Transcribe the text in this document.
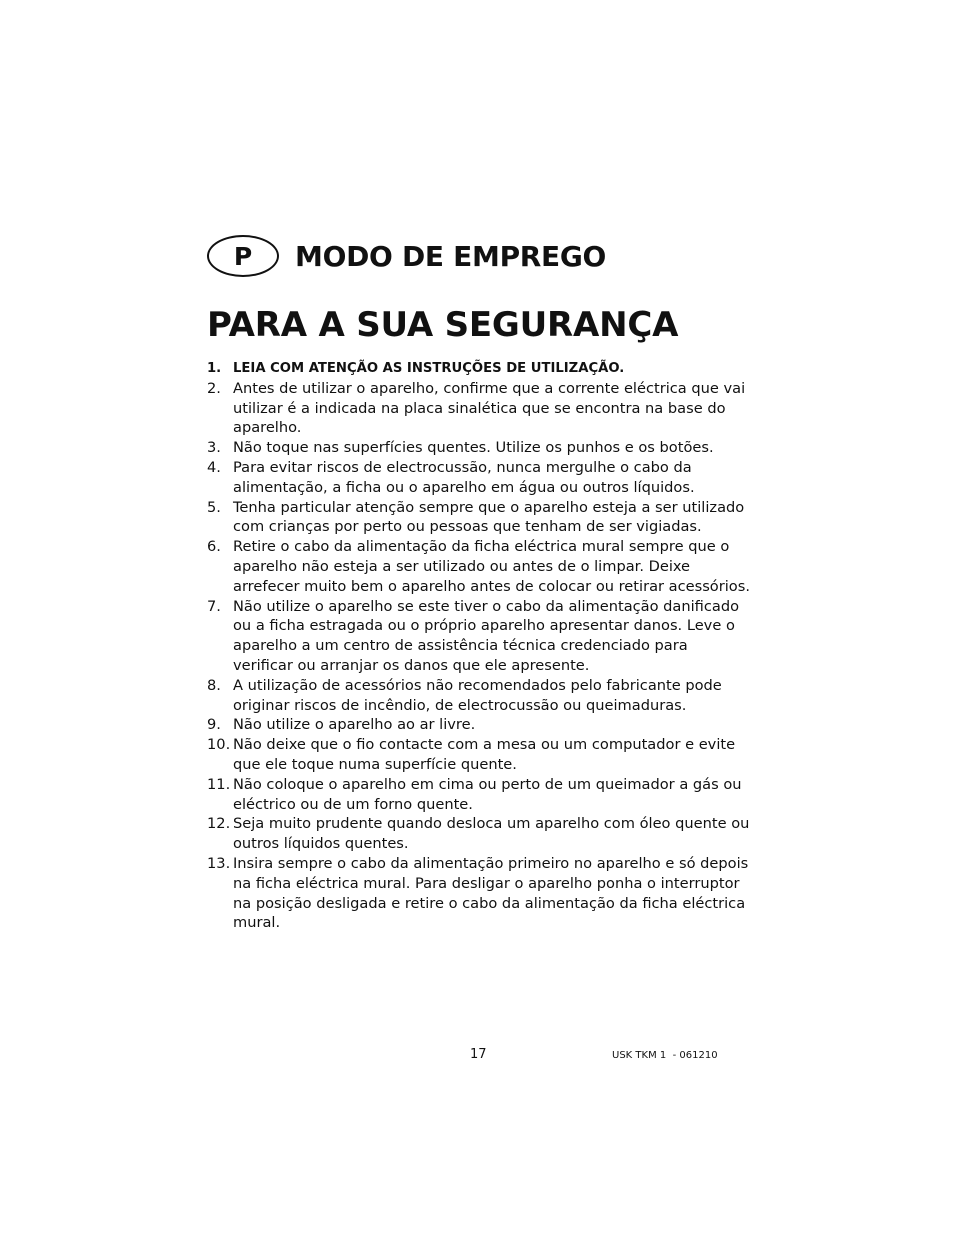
P MODO DE EMPREGO
PARA A SUA SEGURANÇA
1. LEIA COM ATENÇÃO AS INSTRUÇÕES DE UTILIZAÇÃO.
2. Antes de utilizar o aparelho, confirme que a corrente eléctrica que vai utilizar é a indicada na placa sinalética que se encontra na base do aparelho.
3. Não toque nas superfícies quentes. Utilize os punhos e os botões.
4. Para evitar riscos de electrocussão, nunca mergulhe o cabo da alimentação, a ficha ou o aparelho em água ou outros líquidos.
5. Tenha particular atenção sempre que o aparelho esteja a ser utilizado com crianças por perto ou pessoas que tenham de ser vigiadas.
6. Retire o cabo da alimentação da ficha eléctrica mural sempre que o aparelho não esteja a ser utilizado ou antes de o limpar. Deixe arrefecer muito bem o aparelho antes de colocar ou retirar acessórios.
7. Não utilize o aparelho se este tiver o cabo da alimentação danificado ou a ficha estragada ou o próprio aparelho apresentar danos. Leve o aparelho a um centro de assistência técnica credenciado para verificar ou arranjar os danos que ele apresente.
8. A utilização de acessórios não recomendados pelo fabricante pode originar riscos de incêndio, de electrocussão ou queimaduras.
9. Não utilize o aparelho ao ar livre.
10. Não deixe que o fio contacte com a mesa ou um computador e evite que ele toque numa superfície quente.
11. Não coloque o aparelho em cima ou perto de um queimador a gás ou eléctrico ou de um forno quente.
12. Seja muito prudente quando desloca um aparelho com óleo quente ou outros líquidos quentes.
13. Insira sempre o cabo da alimentação primeiro no aparelho e só depois na ficha eléctrica mural. Para desligar o aparelho ponha o interruptor na posição desligada e retire o cabo da alimentação da ficha eléctrica mural.
17	USK TKM 1  - 061210
